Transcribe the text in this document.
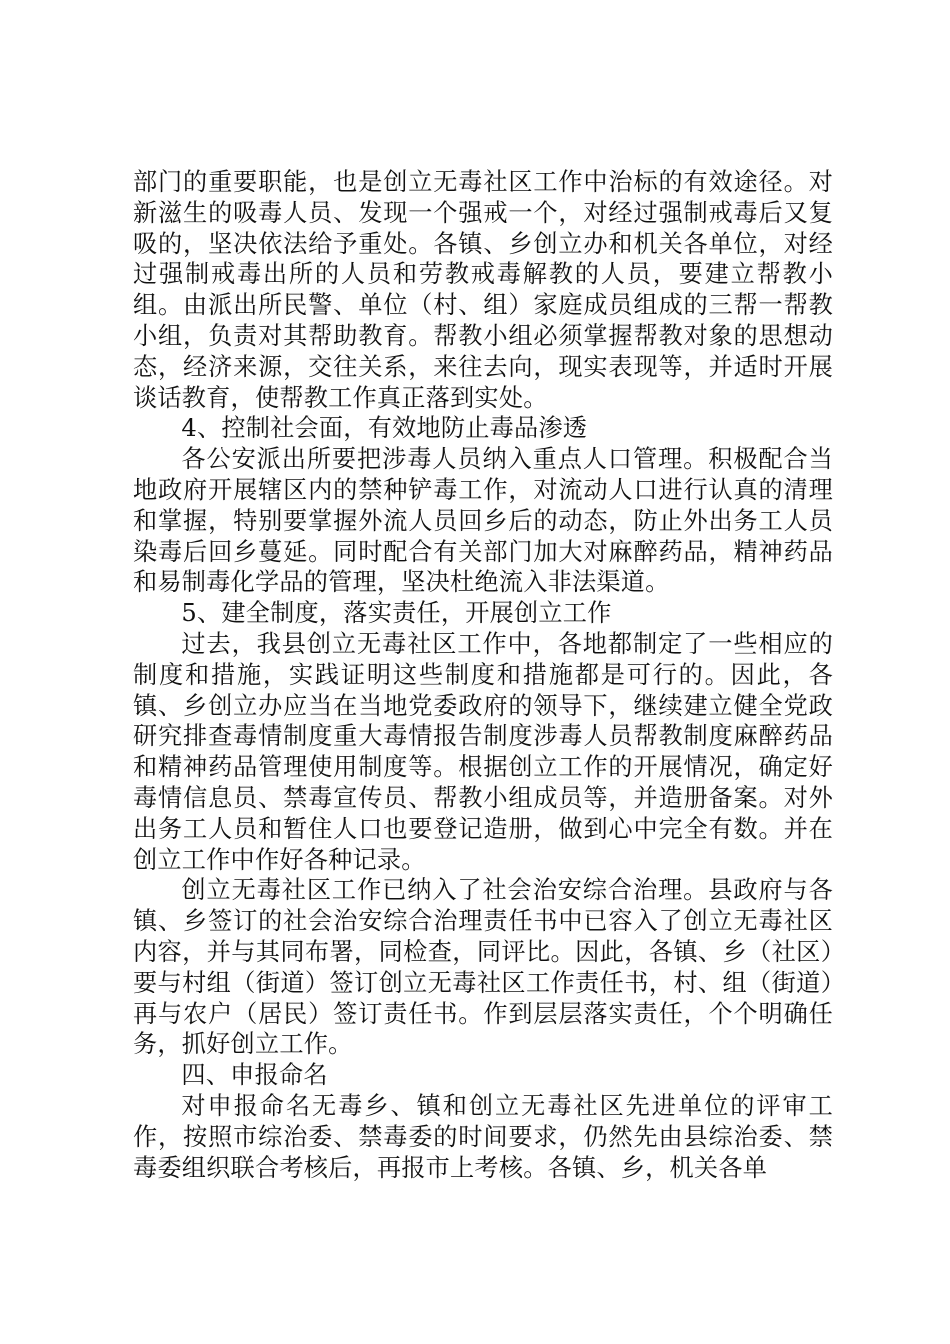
部门的重要职能，也是创立无毒社区工作中治标的有效途径。对新滋生的吸毒人员、发现一个强戒一个，对经过强制戒毒后又复吸的，坚决依法给予重处。各镇、乡创立办和机关各单位，对经过强制戒毒出所的人员和劳教戒毒解教的人员，要建立帮教小组。由派出所民警、单位（村、组）家庭成员组成的三帮一帮教小组，负责对其帮助教育。帮教小组必须掌握帮教对象的思想动态，经济来源，交往关系，来往去向，现实表现等，并适时开展谈话教育，使帮教工作真正落到实处。

4、控制社会面，有效地防止毒品渗透

各公安派出所要把涉毒人员纳入重点人口管理。积极配合当地政府开展辖区内的禁种铲毒工作，对流动人口进行认真的清理和掌握，特别要掌握外流人员回乡后的动态，防止外出务工人员染毒后回乡蔓延。同时配合有关部门加大对麻醉药品，精神药品和易制毒化学品的管理，坚决杜绝流入非法渠道。

5、建全制度，落实责任，开展创立工作

过去，我县创立无毒社区工作中，各地都制定了一些相应的制度和措施，实践证明这些制度和措施都是可行的。因此，各镇、乡创立办应当在当地党委政府的领导下，继续建立健全党政研究排查毒情制度重大毒情报告制度涉毒人员帮教制度麻醉药品和精神药品管理使用制度等。根据创立工作的开展情况，确定好毒情信息员、禁毒宣传员、帮教小组成员等，并造册备案。对外出务工人员和暂住人口也要登记造册，做到心中完全有数。并在创立工作中作好各种记录。

创立无毒社区工作已纳入了社会治安综合治理。县政府与各镇、乡签订的社会治安综合治理责任书中已容入了创立无毒社区内容，并与其同布署，同检查，同评比。因此，各镇、乡（社区）要与村组（街道）签订创立无毒社区工作责任书，村、组（街道）再与农户（居民）签订责任书。作到层层落实责任，个个明确任务，抓好创立工作。

四、申报命名

对申报命名无毒乡、镇和创立无毒社区先进单位的评审工作，按照市综治委、禁毒委的时间要求，仍然先由县综治委、禁毒委组织联合考核后，再报市上考核。各镇、乡，机关各单
